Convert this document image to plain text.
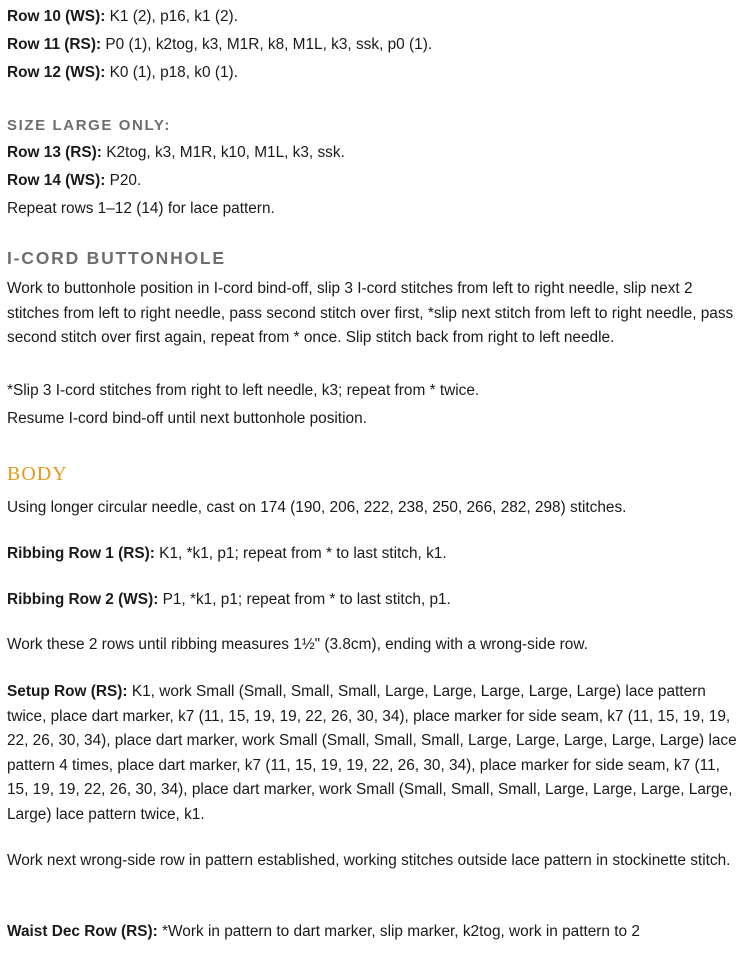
Row 10 (WS): K1 (2), p16, k1 (2).
Row 11 (RS): P0 (1), k2tog, k3, M1R, k8, M1L, k3, ssk, p0 (1).
Row 12 (WS): K0 (1), p18, k0 (1).
SIZE LARGE ONLY:
Row 13 (RS): K2tog, k3, M1R, k10, M1L, k3, ssk.
Row 14 (WS): P20.
Repeat rows 1–12 (14) for lace pattern.
I-CORD BUTTONHOLE
Work to buttonhole position in I-cord bind-off, slip 3 I-cord stitches from left to right needle, slip next 2 stitches from left to right needle, pass second stitch over first, *slip next stitch from left to right needle, pass second stitch over first again, repeat from * once. Slip stitch back from right to left needle.
*Slip 3 I-cord stitches from right to left needle, k3; repeat from * twice.
Resume I-cord bind-off until next buttonhole position.
BODY
Using longer circular needle, cast on 174 (190, 206, 222, 238, 250, 266, 282, 298) stitches.
Ribbing Row 1 (RS): K1, *k1, p1; repeat from * to last stitch, k1.
Ribbing Row 2 (WS): P1, *k1, p1; repeat from * to last stitch, p1.
Work these 2 rows until ribbing measures 1½" (3.8cm), ending with a wrong-side row.
Setup Row (RS): K1, work Small (Small, Small, Small, Large, Large, Large, Large, Large) lace pattern twice, place dart marker, k7 (11, 15, 19, 19, 22, 26, 30, 34), place marker for side seam, k7 (11, 15, 19, 19, 22, 26, 30, 34), place dart marker, work Small (Small, Small, Small, Large, Large, Large, Large, Large) lace pattern 4 times, place dart marker, k7 (11, 15, 19, 19, 22, 26, 30, 34), place marker for side seam, k7 (11, 15, 19, 19, 22, 26, 30, 34), place dart marker, work Small (Small, Small, Small, Large, Large, Large, Large, Large) lace pattern twice, k1.
Work next wrong-side row in pattern established, working stitches outside lace pattern in stockinette stitch.
Waist Dec Row (RS): *Work in pattern to dart marker, slip marker, k2tog, work in pattern to 2
